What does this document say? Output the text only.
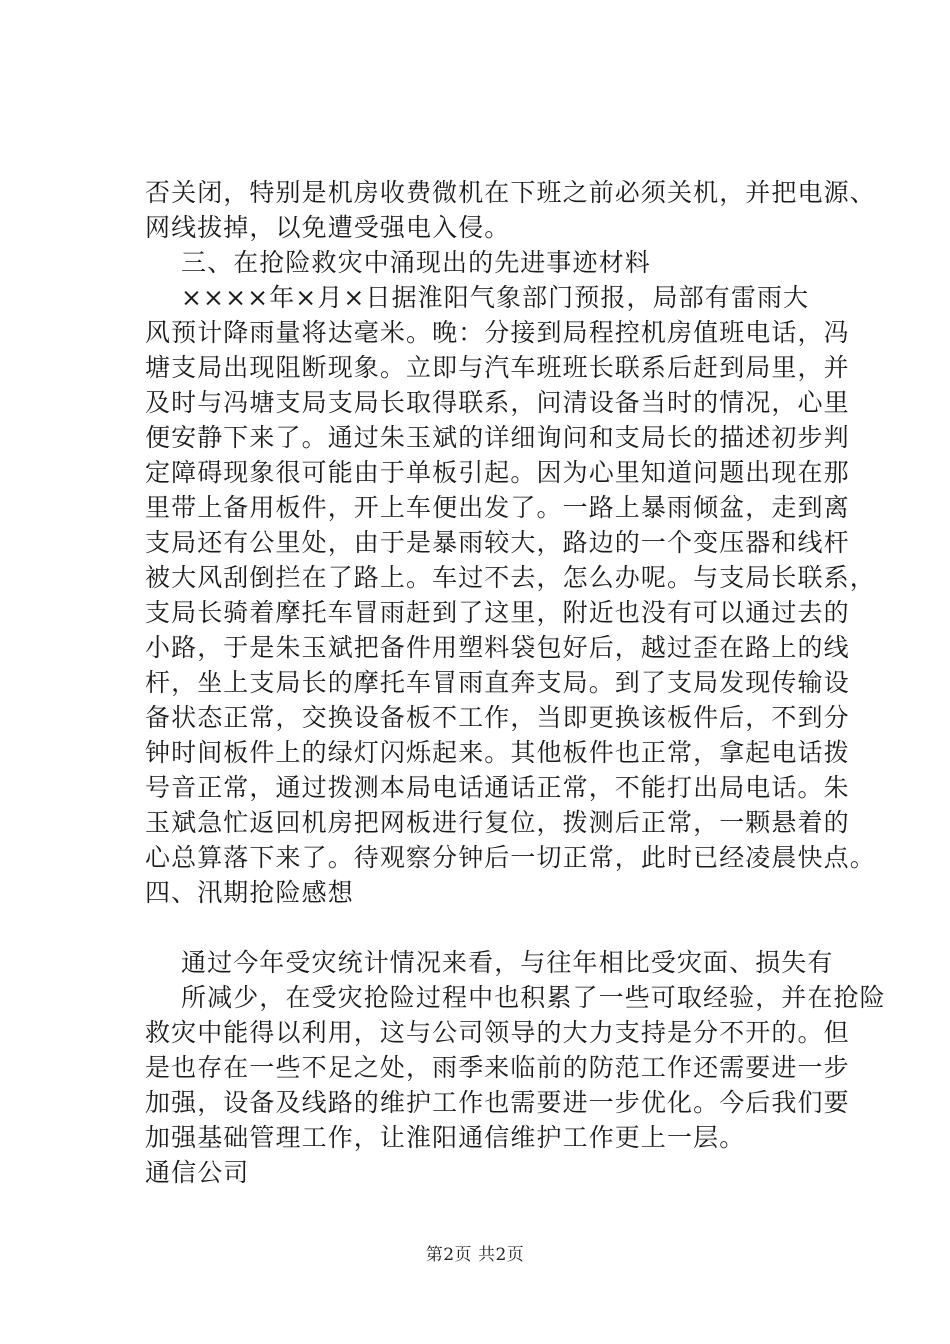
否关闭，特别是机房收费微机在下班之前必须关机，并把电源、
网线拔掉，以免遭受强电入侵。
三、在抢险救灾中涌现出的先进事迹材料
××××年×月×日据淮阳气象部门预报，局部有雷雨大
风预计降雨量将达毫米。晚：分接到局程控机房值班电话，冯
塘支局出现阻断现象。立即与汽车班班长联系后赶到局里，并
及时与冯塘支局支局长取得联系，问清设备当时的情况，心里
便安静下来了。通过朱玉斌的详细询问和支局长的描述初步判
定障碍现象很可能由于单板引起。因为心里知道问题出现在那
里带上备用板件，开上车便出发了。一路上暴雨倾盆，走到离
支局还有公里处，由于是暴雨较大，路边的一个变压器和线杆
被大风刮倒拦在了路上。车过不去，怎么办呢。与支局长联系，
支局长骑着摩托车冒雨赶到了这里，附近也没有可以通过去的
小路，于是朱玉斌把备件用塑料袋包好后，越过歪在路上的线
杆，坐上支局长的摩托车冒雨直奔支局。到了支局发现传输设
备状态正常，交换设备板不工作，当即更换该板件后，不到分
钟时间板件上的绿灯闪烁起来。其他板件也正常，拿起电话拨
号音正常，通过拨测本局电话通话正常，不能打出局电话。朱
玉斌急忙返回机房把网板进行复位，拨测后正常，一颗悬着的
心总算落下来了。待观察分钟后一切正常，此时已经凌晨快点。
四、汛期抢险感想
通过今年受灾统计情况来看，与往年相比受灾面、损失有
所减少，在受灾抢险过程中也积累了一些可取经验，并在抢险
救灾中能得以利用，这与公司领导的大力支持是分不开的。但
是也存在一些不足之处，雨季来临前的防范工作还需要进一步
加强，设备及线路的维护工作也需要进一步优化。今后我们要
加强基础管理工作，让淮阳通信维护工作更上一层。
通信公司
第2页 共2页
